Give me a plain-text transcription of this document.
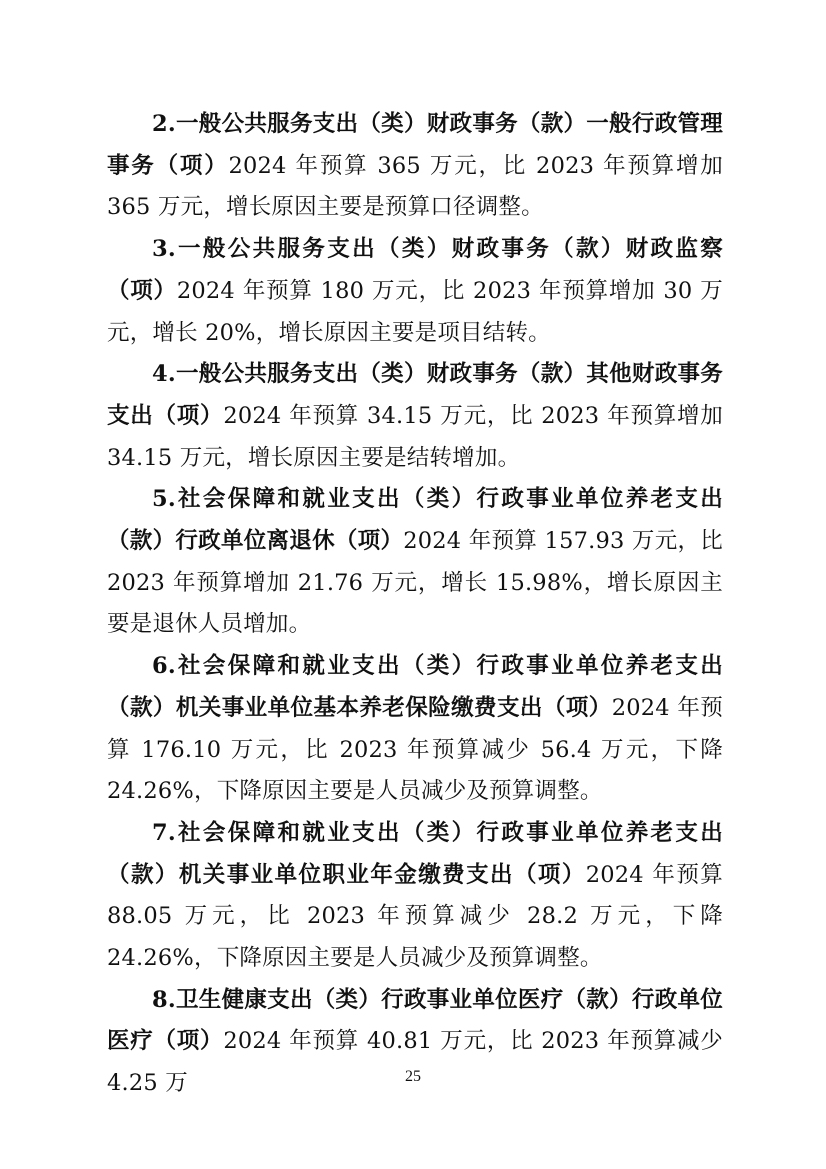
2.一般公共服务支出（类）财政事务（款）一般行政管理事务（项）2024 年预算 365 万元，比 2023 年预算增加 365 万元，增长原因主要是预算口径调整。

3.一般公共服务支出（类）财政事务（款）财政监察（项）2024 年预算 180 万元，比 2023 年预算增加 30 万元，增长 20%，增长原因主要是项目结转。

4.一般公共服务支出（类）财政事务（款）其他财政事务支出（项）2024 年预算 34.15 万元，比 2023 年预算增加 34.15 万元，增长原因主要是结转增加。

5.社会保障和就业支出（类）行政事业单位养老支出（款）行政单位离退休（项）2024 年预算 157.93 万元，比 2023 年预算增加 21.76 万元，增长 15.98%，增长原因主要是退休人员增加。

6.社会保障和就业支出（类）行政事业单位养老支出（款）机关事业单位基本养老保险缴费支出（项）2024 年预算 176.10 万元，比 2023 年预算减少 56.4 万元，下降 24.26%，下降原因主要是人员减少及预算调整。

7.社会保障和就业支出（类）行政事业单位养老支出（款）机关事业单位职业年金缴费支出（项）2024 年预算 88.05 万元，比 2023 年预算减少 28.2 万元，下降 24.26%，下降原因主要是人员减少及预算调整。

8.卫生健康支出（类）行政事业单位医疗（款）行政单位医疗（项）2024 年预算 40.81 万元，比 2023 年预算减少 4.25 万	25
